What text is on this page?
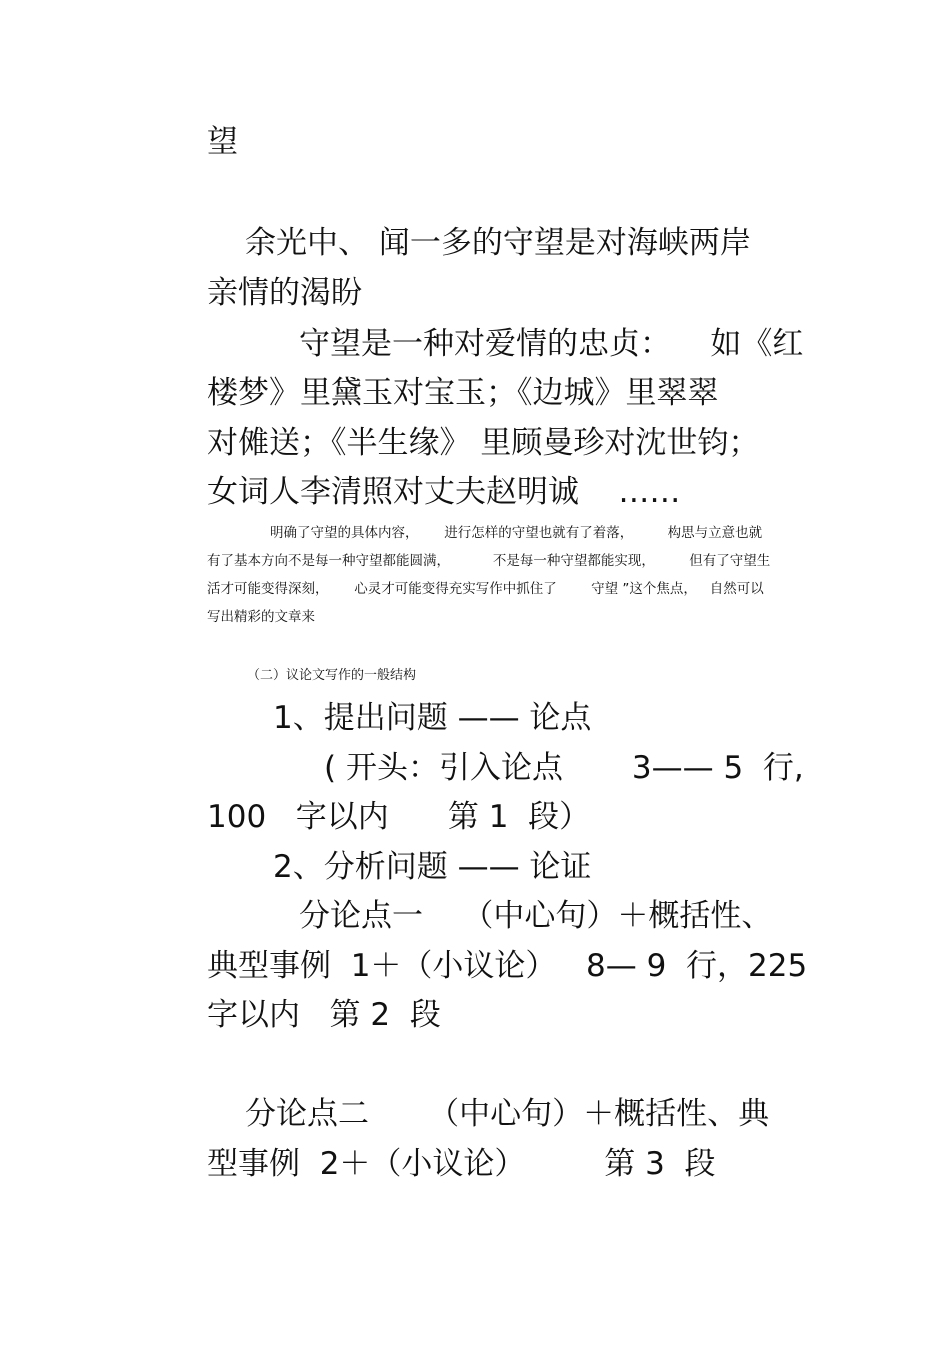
望
余光中、 闻一多的守望是对海峡两岸
亲情的渴盼
守望是一种对爱情的忠贞：    如《红
楼梦》里黛玉对宝玉；《边城》里翠翠
对傩送；《半生缘》 里顾曼珍对沈世钧；
女词人李清照对丈夫赵明诚    ……
明确了守望的具体内容，      进行怎样的守望也就有了着落，        构思与立意也就
有了基本方向不是每一种守望都能圆满，          不是每一种守望都能实现，        但有了守望生
活才可能变得深刻，      心灵才可能变得充实写作中抓住了        守望 ”这个焦点，   自然可以
写出精彩的文章来
（二）议论文写作的一般结构
1、提出问题 —— 论点
( 开头：引入论点       3—— 5  行,
100   字以内      第 1  段）
2、分析问题 —— 论证
分论点一    （中心句）＋概括性、
典型事例  1＋（小议论）   8— 9  行，225
字以内   第 2  段
分论点二      （中心句）＋概括性、典
型事例  2＋（小议论）        第 3  段
